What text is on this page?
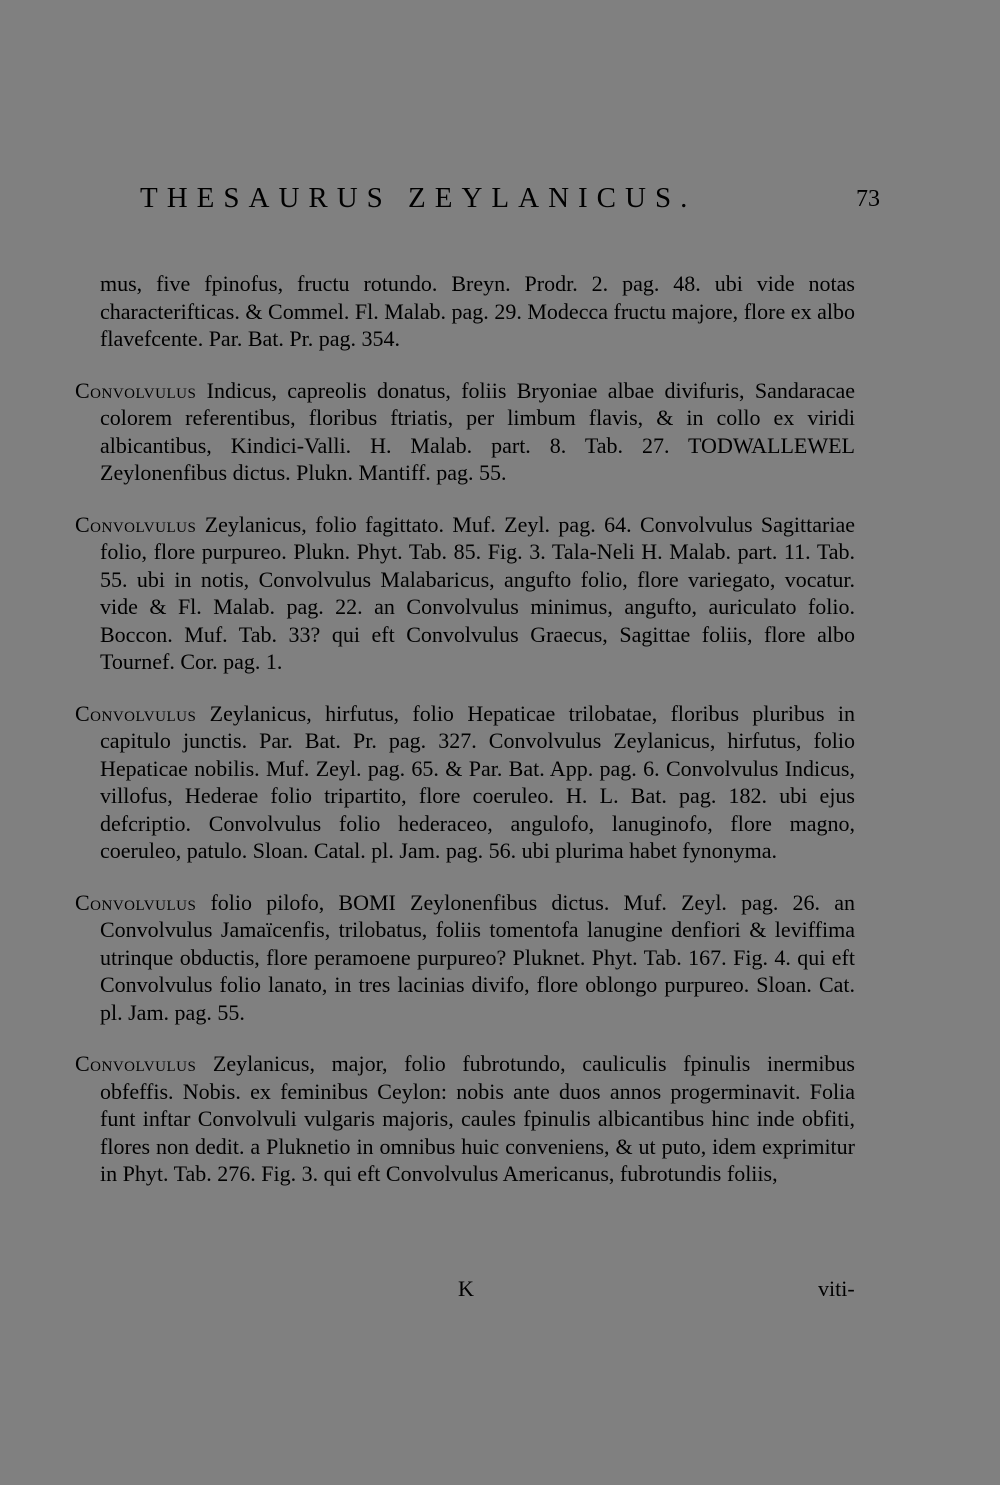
THESAURUS ZEYLANICUS.	73

mus, five fpinofus, fructu rotundo. Breyn. Prodr. 2. pag. 48. ubi vide notas characterifticas. & Commel. Fl. Malab. pag. 29. Modecca fructu majore, flore ex albo flavefcente. Par. Bat. Pr. pag. 354.

Convolvulus Indicus, capreolis donatus, foliis Bryoniae albae divifuris, Sandaracae colorem referentibus, floribus ftriatis, per limbum flavis, & in collo ex viridi albicantibus, Kindici-Valli. H. Malab. part. 8. Tab. 27. TODWALLEWEL Zeylonenfibus dictus. Plukn. Mantiff. pag. 55.

Convolvulus Zeylanicus, folio fagittato. Muf. Zeyl. pag. 64. Convolvulus Sagittariae folio, flore purpureo. Plukn. Phyt. Tab. 85. Fig. 3. Tala-Neli H. Malab. part. 11. Tab. 55. ubi in notis, Convolvulus Malabaricus, angufto folio, flore variegato, vocatur. vide & Fl. Malab. pag. 22. an Convolvulus minimus, angufto, auriculato folio. Boccon. Muf. Tab. 33? qui eft Convolvulus Graecus, Sagittae foliis, flore albo Tournef. Cor. pag. 1.

Convolvulus Zeylanicus, hirfutus, folio Hepaticae trilobatae, floribus pluribus in capitulo junctis. Par. Bat. Pr. pag. 327. Convolvulus Zeylanicus, hirfutus, folio Hepaticae nobilis. Muf. Zeyl. pag. 65. & Par. Bat. App. pag. 6. Convolvulus Indicus, villofus, Hederae folio tripartito, flore coeruleo. H. L. Bat. pag. 182. ubi ejus defcriptio. Convolvulus folio hederaceo, angulofo, lanuginofo, flore magno, coeruleo, patulo. Sloan. Catal. pl. Jam. pag. 56. ubi plurima habet fynonyma.

Convolvulus folio pilofo, BOMI Zeylonenfibus dictus. Muf. Zeyl. pag. 26. an Convolvulus Jamaïcenfis, trilobatus, foliis tomentofa lanugine denfiori & leviffima utrinque obductis, flore peramoene purpureo? Pluknet. Phyt. Tab. 167. Fig. 4. qui eft Convolvulus folio lanato, in tres lacinias divifo, flore oblongo purpureo. Sloan. Cat. pl. Jam. pag. 55.

Convolvulus Zeylanicus, major, folio fubrotundo, cauliculis fpinulis inermibus obfeffis. Nobis. ex feminibus Ceylon: nobis ante duos annos progerminavit. Folia funt inftar Convolvuli vulgaris majoris, caules fpinulis albicantibus hinc inde obfiti, flores non dedit. a Pluknetio in omnibus huic conveniens, & ut puto, idem exprimitur in Phyt. Tab. 276. Fig. 3. qui eft Convolvulus Americanus, fubrotundis foliis,

K	viti-
